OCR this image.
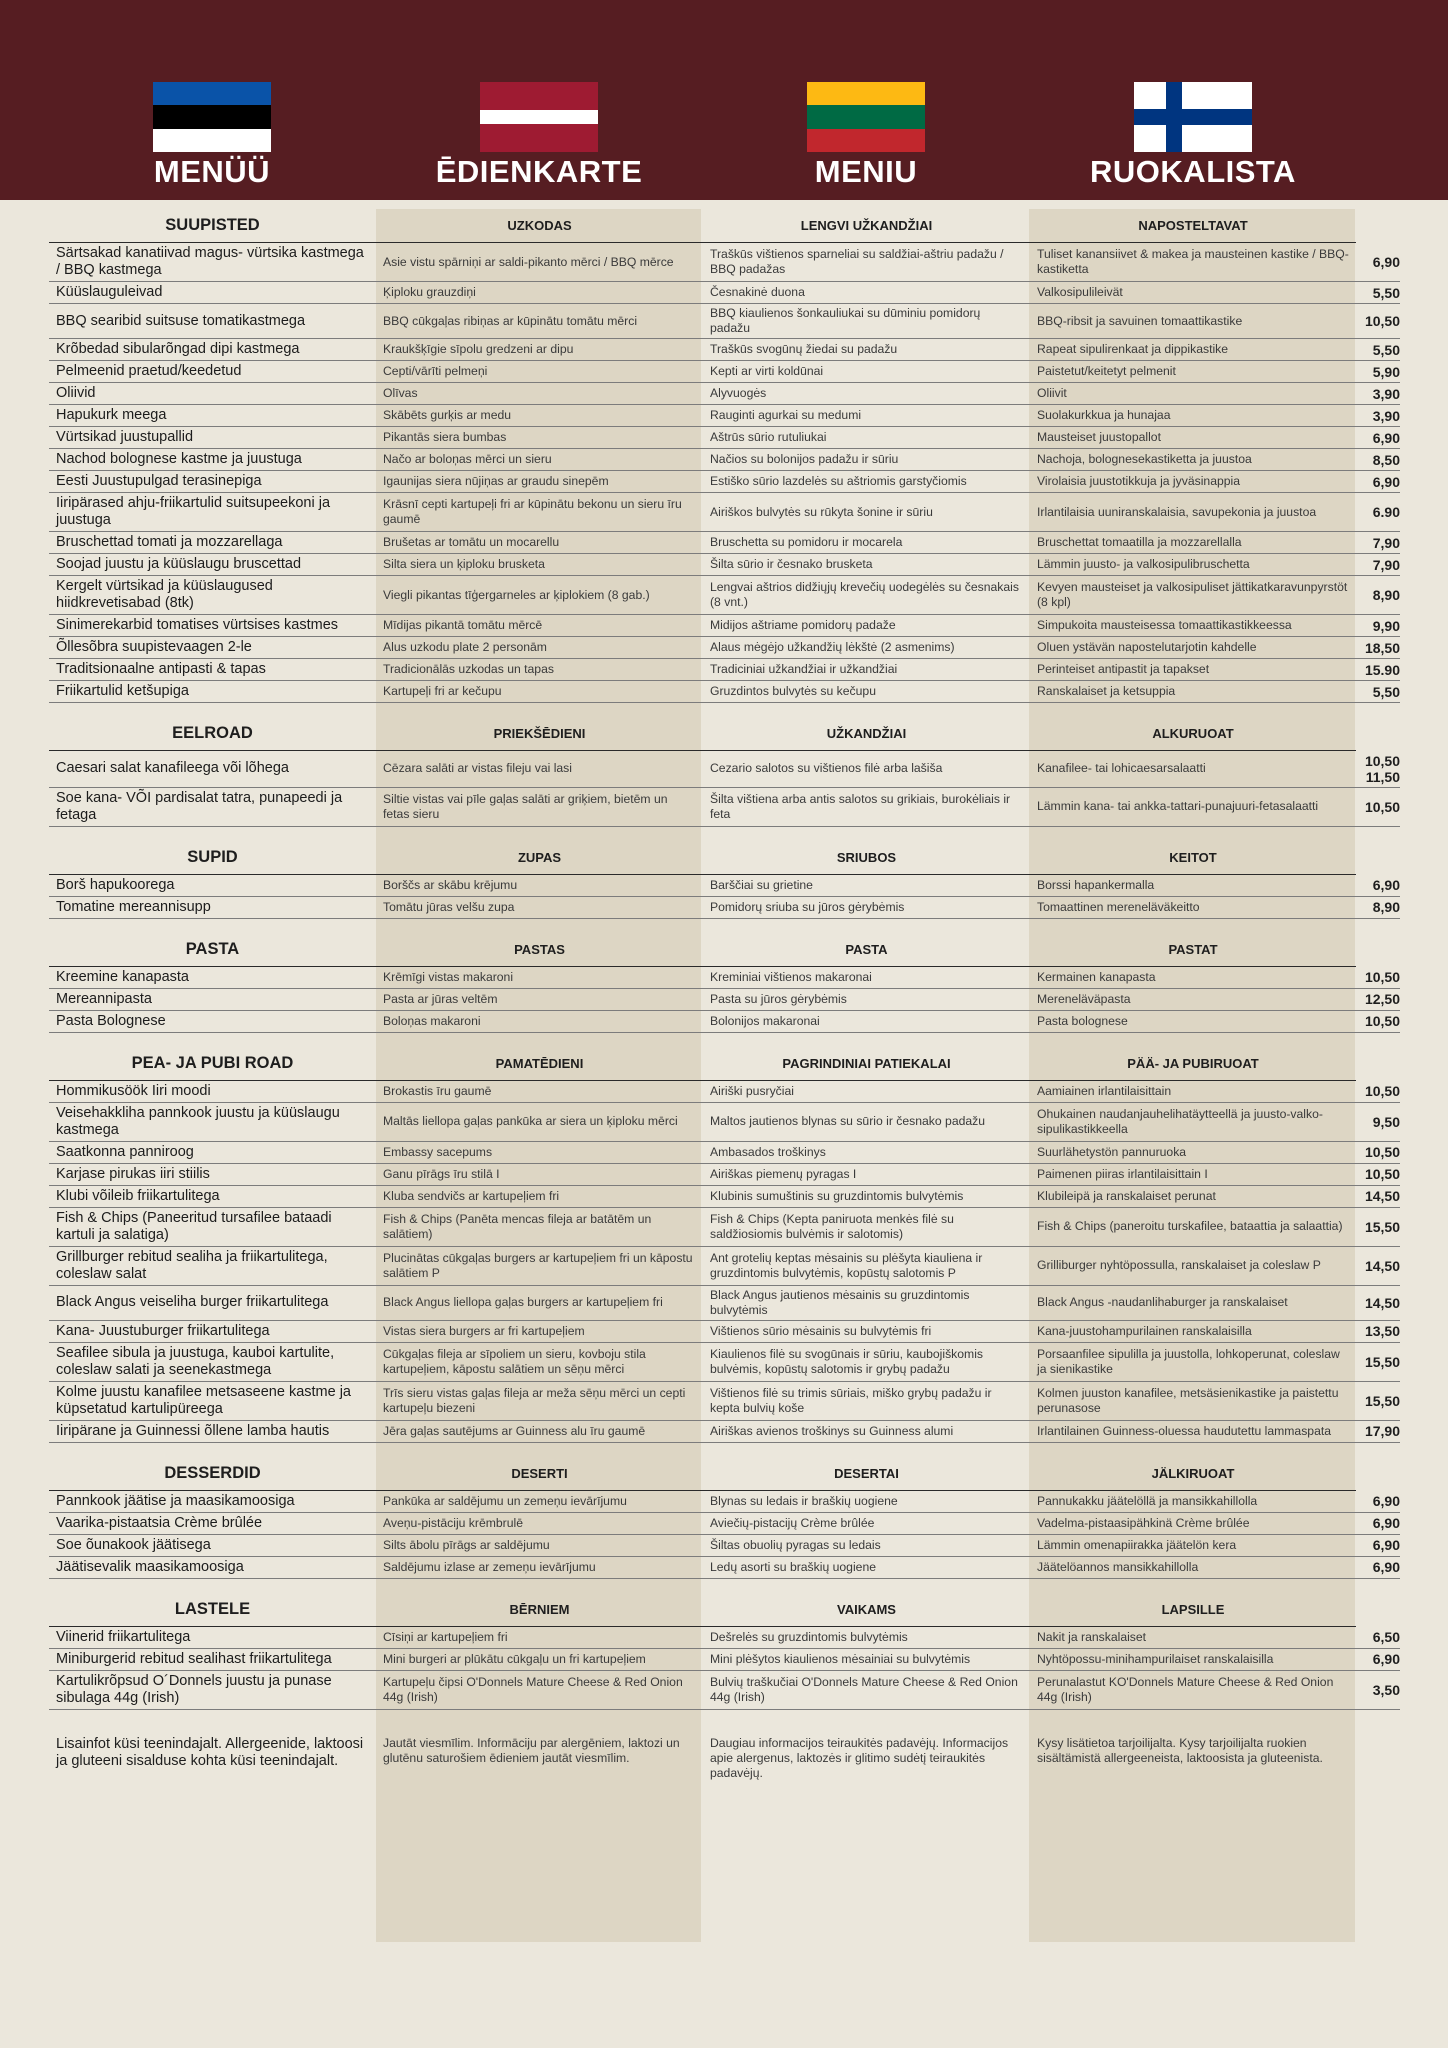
MENÜÜ	ĒDIENKARTE	MENIU	RUOKALISTA
SUUPISTED	UZKODAS	LENGVI UŽKANDŽIAI	NAPOSTELTAVAT	
Särtsakad kanatiivad magus- vürtsika kastmega / BBQ kastmega	Asie vistu spārniņi ar saldi-pikanto mērci / BBQ mērce	Traškūs vištienos sparneliai su saldžiai-aštriu padažu / BBQ padažas	Tuliset kanansiivet & makea ja mausteinen kastike / BBQ-kastiketta	6,90
Küüslauguleivad	Ķiploku grauzdiņi	Česnakinė duona	Valkosipulileivät	5,50
BBQ searibid suitsuse tomatikastmega	BBQ cūkgaļas ribiņas ar kūpinātu tomātu mērci	BBQ kiaulienos šonkauliukai su dūminiu pomidorų padažu	BBQ-ribsit ja savuinen tomaattikastike	10,50
Krõbedad sibularõngad dipi kastmega	Kraukšķīgie sīpolu gredzeni ar dipu	Traškūs svogūnų žiedai su padažu	Rapeat sipulirenkaat ja dippikastike	5,50
Pelmeenid praetud/keedetud	Cepti/vārīti pelmeņi	Kepti ar virti koldūnai	Paistetut/keitetyt pelmenit	5,90
Oliivid	Olīvas	Alyvuogės	Oliivit	3,90
Hapukurk meega	Skābēts gurķis ar medu	Rauginti agurkai su medumi	Suolakurkkua ja hunajaa	3,90
Vürtsikad juustupallid	Pikantās siera bumbas	Aštrūs sūrio rutuliukai	Mausteiset juustopallot	6,90
Nachod bolognese kastme ja juustuga	Načo ar boloņas mērci un sieru	Načios su bolonijos padažu ir sūriu	Nachoja, bolognesekastiketta ja juustoa	8,50
Eesti Juustupulgad terasinepiga	Igaunijas siera nūjiņas ar graudu sinepēm	Estiško sūrio lazdelės su aštriomis garstyčiomis	Virolaisia juustotikkuja ja jyväsinappia	6,90
Iiripärased ahju-friikartulid suitsupeekoni ja juustuga	Krāsnī cepti kartupeļi fri ar kūpinātu bekonu un sieru īru gaumē	Airiškos bulvytės su rūkyta šonine ir sūriu	Irlantilaisia uuniranskalaisia, savupekonia ja juustoa	6.90
Bruschettad tomati ja mozzarellaga	Brušetas ar tomātu un mocarellu	Bruschetta su pomidoru ir mocarela	Bruschettat tomaatilla ja mozzarellalla	7,90
Soojad juustu ja küüslaugu bruscettad	Silta siera un ķiploku brusketa	Šilta sūrio ir česnako brusketa	Lämmin juusto- ja valkosipulibruschetta	7,90
Kergelt vürtsikad ja küüslaugused hiidkrevetisabad (8tk)	Viegli pikantas tīģergarneles ar ķiplokiem (8 gab.)	Lengvai aštrios didžiųjų krevečių uodegėlės su česnakais (8 vnt.)	Kevyen mausteiset ja valkosipuliset jättikatkaravunpyrstöt (8 kpl)	8,90
Sinimerekarbid tomatises vürtsises kastmes	Mīdijas pikantā tomātu mērcē	Midijos aštriame pomidorų padaže	Simpukoita mausteisessa tomaattikastikkeessa	9,90
Õllesõbra suupistevaagen 2-le	Alus uzkodu plate 2 personām	Alaus mėgėjo užkandžių lėkštė (2 asmenims)	Oluen ystävän napostelutarjotin kahdelle	18,50
Traditsionaalne antipasti & tapas	Tradicionālās uzkodas un tapas	Tradiciniai užkandžiai ir užkandžiai	Perinteiset antipastit ja tapakset	15.90
Friikartulid ketšupiga	Kartupeļi fri ar kečupu	Gruzdintos bulvytės su kečupu	Ranskalaiset ja ketsuppia	5,50

EELROAD	PRIEKŠĒDIENI	UŽKANDŽIAI	ALKURUOAT	
Caesari salat kanafileega või lõhega	Cēzara salāti ar vistas fileju vai lasi	Cezario salotos su vištienos filė arba lašiša	Kanafilee- tai lohicaesarsalaatti	10,50
11,50
Soe kana- VÕI pardisalat tatra, punapeedi ja fetaga	Siltie vistas vai pīle gaļas salāti ar griķiem, bietēm un fetas sieru	Šilta vištiena arba antis salotos su grikiais, burokėliais ir feta	Lämmin kana- tai ankka-tattari-punajuuri-fetasalaatti	10,50

SUPID	ZUPAS	SRIUBOS	KEITOT	
Borš hapukoorega	Borščs ar skābu krējumu	Barščiai su grietine	Borssi hapankermalla	6,90
Tomatine mereannisupp	Tomātu jūras velšu zupa	Pomidorų sriuba su jūros gėrybėmis	Tomaattinen mereneläväkeitto	8,90

PASTA	PASTAS	PASTA	PASTAT	
Kreemine kanapasta	Krēmīgi vistas makaroni	Kreminiai vištienos makaronai	Kermainen kanapasta	10,50
Mereannipasta	Pasta ar jūras veltēm	Pasta su jūros gėrybėmis	Mereneläväpasta	12,50
Pasta Bolognese	Boloņas makaroni	Bolonijos makaronai	Pasta bolognese	10,50

PEA- JA PUBI ROAD	PAMATĒDIENI	PAGRINDINIAI PATIEKALAI	PÄÄ- JA PUBIRUOAT	
Hommikusöök Iiri moodi	Brokastis īru gaumē	Airiški pusryčiai	Aamiainen irlantilaisittain	10,50
Veisehakkliha pannkook juustu ja küüslaugu kastmega	Maltās liellopa gaļas pankūka ar siera un ķiploku mērci	Maltos jautienos blynas su sūrio ir česnako padažu	Ohukainen naudanjauhelihatäytteellä ja juusto-valko-sipulikastikkeella	9,50
Saatkonna panniroog	Embassy sacepums	Ambasados troškinys	Suurlähetystön pannuruoka	10,50
Karjase pirukas iiri stiilis	Ganu pīrāgs īru stilā I	Airiškas piemenų pyragas I	Paimenen piiras irlantilaisittain I	10,50
Klubi võileib friikartulitega	Kluba sendvičs ar kartupeļiem fri	Klubinis sumuštinis su gruzdintomis bulvytėmis	Klubileipä ja ranskalaiset perunat	14,50
Fish & Chips (Paneeritud tursafilee bataadi kartuli ja salatiga)	Fish & Chips (Panēta mencas fileja ar batātēm un salātiem)	Fish & Chips (Kepta paniruota menkės filė su saldžiosiomis bulvėmis ir salotomis)	Fish & Chips (paneroitu turskafilee, bataattia ja salaattia)	15,50
Grillburger rebitud sealiha ja friikartulitega, coleslaw salat	Plucinātas cūkgaļas burgers ar kartupeļiem fri un kāpostu salātiem P	Ant grotelių keptas mėsainis su plėšyta kiauliena ir gruzdintomis bulvytėmis, kopūstų salotomis P	Grilliburger nyhtöpossulla, ranskalaiset ja coleslaw P	14,50
Black Angus veiseliha burger friikartulitega	Black Angus liellopa gaļas burgers ar kartupeļiem fri	Black Angus jautienos mėsainis su gruzdintomis bulvytėmis	Black Angus -naudanlihaburger ja ranskalaiset	14,50
Kana- Juustuburger friikartulitega	Vistas siera burgers ar fri kartupeļiem	Vištienos sūrio mėsainis su bulvytėmis fri	Kana-juustohampurilainen ranskalaisilla	13,50
Seafilee sibula ja juustuga, kauboi kartulite, coleslaw salati ja seenekastmega	Cūkgaļas fileja ar sīpoliem un sieru, kovboju stila kartupeļiem, kāpostu salātiem un sēņu mērci	Kiaulienos filė su svogūnais ir sūriu, kaubojiškomis bulvėmis, kopūstų salotomis ir grybų padažu	Porsaanfilee sipulilla ja juustolla, lohkoperunat, coleslaw ja sienikastike	15,50
Kolme juustu kanafilee metsaseene kastme ja küpsetatud kartulipüreega	Trīs sieru vistas gaļas fileja ar meža sēņu mērci un cepti kartupeļu biezeni	Vištienos filė su trimis sūriais, miško grybų padažu ir kepta bulvių koše	Kolmen juuston kanafilee, metsäsienikastike ja paistettu perunasose	15,50
Iiripärane ja Guinnessi õllene lamba hautis	Jēra gaļas sautējums ar Guinness alu īru gaumē	Airiškas avienos troškinys su Guinness alumi	Irlantilainen Guinness-oluessa haudutettu lammaspata	17,90

DESSERDID	DESERTI	DESERTAI	JÄLKIRUOAT	
Pannkook jäätise ja maasikamoosiga	Pankūka ar saldējumu un zemeņu ievārījumu	Blynas su ledais ir braškių uogiene	Pannukakku jäätelöllä ja mansikkahillolla	6,90
Vaarika-pistaatsia Crème brûlée	Aveņu-pistāciju krēmbrulē	Aviečių-pistacijų Crème brûlée	Vadelma-pistaasipähkinä Crème brûlée	6,90
Soe õunakook jäätisega	Silts ābolu pīrāgs ar saldējumu	Šiltas obuolių pyragas su ledais	Lämmin omenapiirakka jäätelön kera	6,90
Jäätisevalik maasikamoosiga	Saldējumu izlase ar zemeņu ievārījumu	Ledų asorti su braškių uogiene	Jäätelöannos mansikkahillolla	6,90

LASTELE	BĒRNIEM	VAIKAMS	LAPSILLE	
Viinerid friikartulitega	Cīsiņi ar kartupeļiem fri	Dešrelės su gruzdintomis bulvytėmis	Nakit ja ranskalaiset	6,50
Miniburgerid rebitud sealihast friikartulitega	Mini burgeri ar plūkātu cūkgaļu un fri kartupeļiem	Mini plėšytos kiaulienos mėsainiai su bulvytėmis	Nyhtöpossu-minihampurilaiset ranskalaisilla	6,90
Kartulikrõpsud O´Donnels juustu ja punase sibulaga 44g (Irish)	Kartupeļu čipsi O'Donnels Mature Cheese & Red Onion 44g (Irish)	Bulvių traškučiai O'Donnels Mature Cheese & Red Onion 44g (Irish)	Perunalastut KO'Donnels Mature Cheese & Red Onion 44g (Irish)	3,50
Lisainfot küsi teenindajalt. Allergeenide, laktoosi ja gluteeni sisalduse kohta küsi teenindajalt.	Jautāt viesmīlim. Informāciju par alergēniem, laktozi un glutēnu saturošiem ēdieniem jautāt viesmīlim.	Daugiau informacijos teiraukitės padavėjų. Informacijos apie alergenus, laktozės ir glitimo sudėtį teiraukitės padavėjų.	Kysy lisätietoa tarjoilijalta. Kysy tarjoilijalta ruokien sisältämistä allergeeneista, laktoosista ja gluteenista.	
